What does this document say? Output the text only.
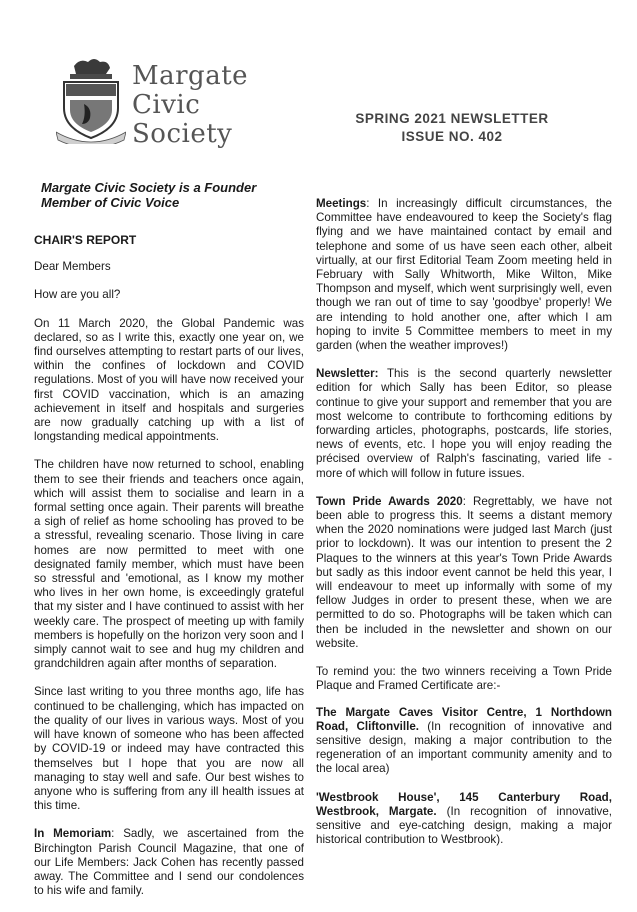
Margate
Civic
Society
Margate Civic Society is a Founder Member of Civic Voice
SPRING 2021 NEWSLETTER
ISSUE NO. 402
CHAIR'S REPORT
Dear Members
How are you all?

On 11 March 2020, the Global Pandemic was declared, so as I write this, exactly one year on, we find ourselves attempting to restart parts of our lives, within the confines of lockdown and COVID regulations. Most of you will have now received your first COVID vaccination, which is an amazing achievement in itself and hospitals and surgeries are now gradually catching up with a list of longstanding medical appointments.

The children have now returned to school, enabling them to see their friends and teachers once again, which will assist them to socialise and learn in a formal setting once again. Their parents will breathe a sigh of relief as home schooling has proved to be a stressful, revealing scenario. Those living in care homes are now permitted to meet with one designated family member, which must have been so stressful and 'emotional, as I know my mother who lives in her own home, is exceedingly grateful that my sister and I have continued to assist with her weekly care. The prospect of meeting up with family members is hopefully on the horizon very soon and I simply cannot wait to see and hug my children and grandchildren again after months of separation.

Since last writing to you three months ago, life has continued to be challenging, which has impacted on the quality of our lives in various ways. Most of you will have known of someone who has been affected by COVID-19 or indeed may have contracted this themselves but I hope that you are now all managing to stay well and safe. Our best wishes to anyone who is suffering from any ill health issues at this time.

In Memoriam: Sadly, we ascertained from the Birchington Parish Council Magazine, that one of our Life Members: Jack Cohen has recently passed away. The Committee and I send our condolences to his wife and family.

Meetings: In increasingly difficult circumstances, the Committee have endeavoured to keep the Society's flag flying and we have maintained contact by email and telephone and some of us have seen each other, albeit virtually, at our first Editorial Team Zoom meeting held in February with Sally Whitworth, Mike Wilton, Mike Thompson and myself, which went surprisingly well, even though we ran out of time to say 'goodbye' properly! We are intending to hold another one, after which I am hoping to invite 5 Committee members to meet in my garden (when the weather improves!)

Newsletter: This is the second quarterly newsletter edition for which Sally has been Editor, so please continue to give your support and remember that you are most welcome to contribute to forthcoming editions by forwarding articles, photographs, postcards, life stories, news of events, etc. I hope you will enjoy reading the précised overview of Ralph's fascinating, varied life - more of which will follow in future issues.

Town Pride Awards 2020: Regrettably, we have not been able to progress this. It seems a distant memory when the 2020 nominations were judged last March (just prior to lockdown). It was our intention to present the 2 Plaques to the winners at this year's Town Pride Awards but sadly as this indoor event cannot be held this year, I will endeavour to meet up informally with some of my fellow Judges in order to present these, when we are permitted to do so. Photographs will be taken which can then be included in the newsletter and shown on our website.

To remind you: the two winners receiving a Town Pride Plaque and Framed Certificate are:-

The Margate Caves Visitor Centre, 1 Northdown Road, Cliftonville. (In recognition of innovative and sensitive design, making a major contribution to the regeneration of an important community amenity and to the local area)

'Westbrook House', 145 Canterbury Road, Westbrook, Margate. (In recognition of innovative, sensitive and eye-catching design, making a major historical contribution to Westbrook).
